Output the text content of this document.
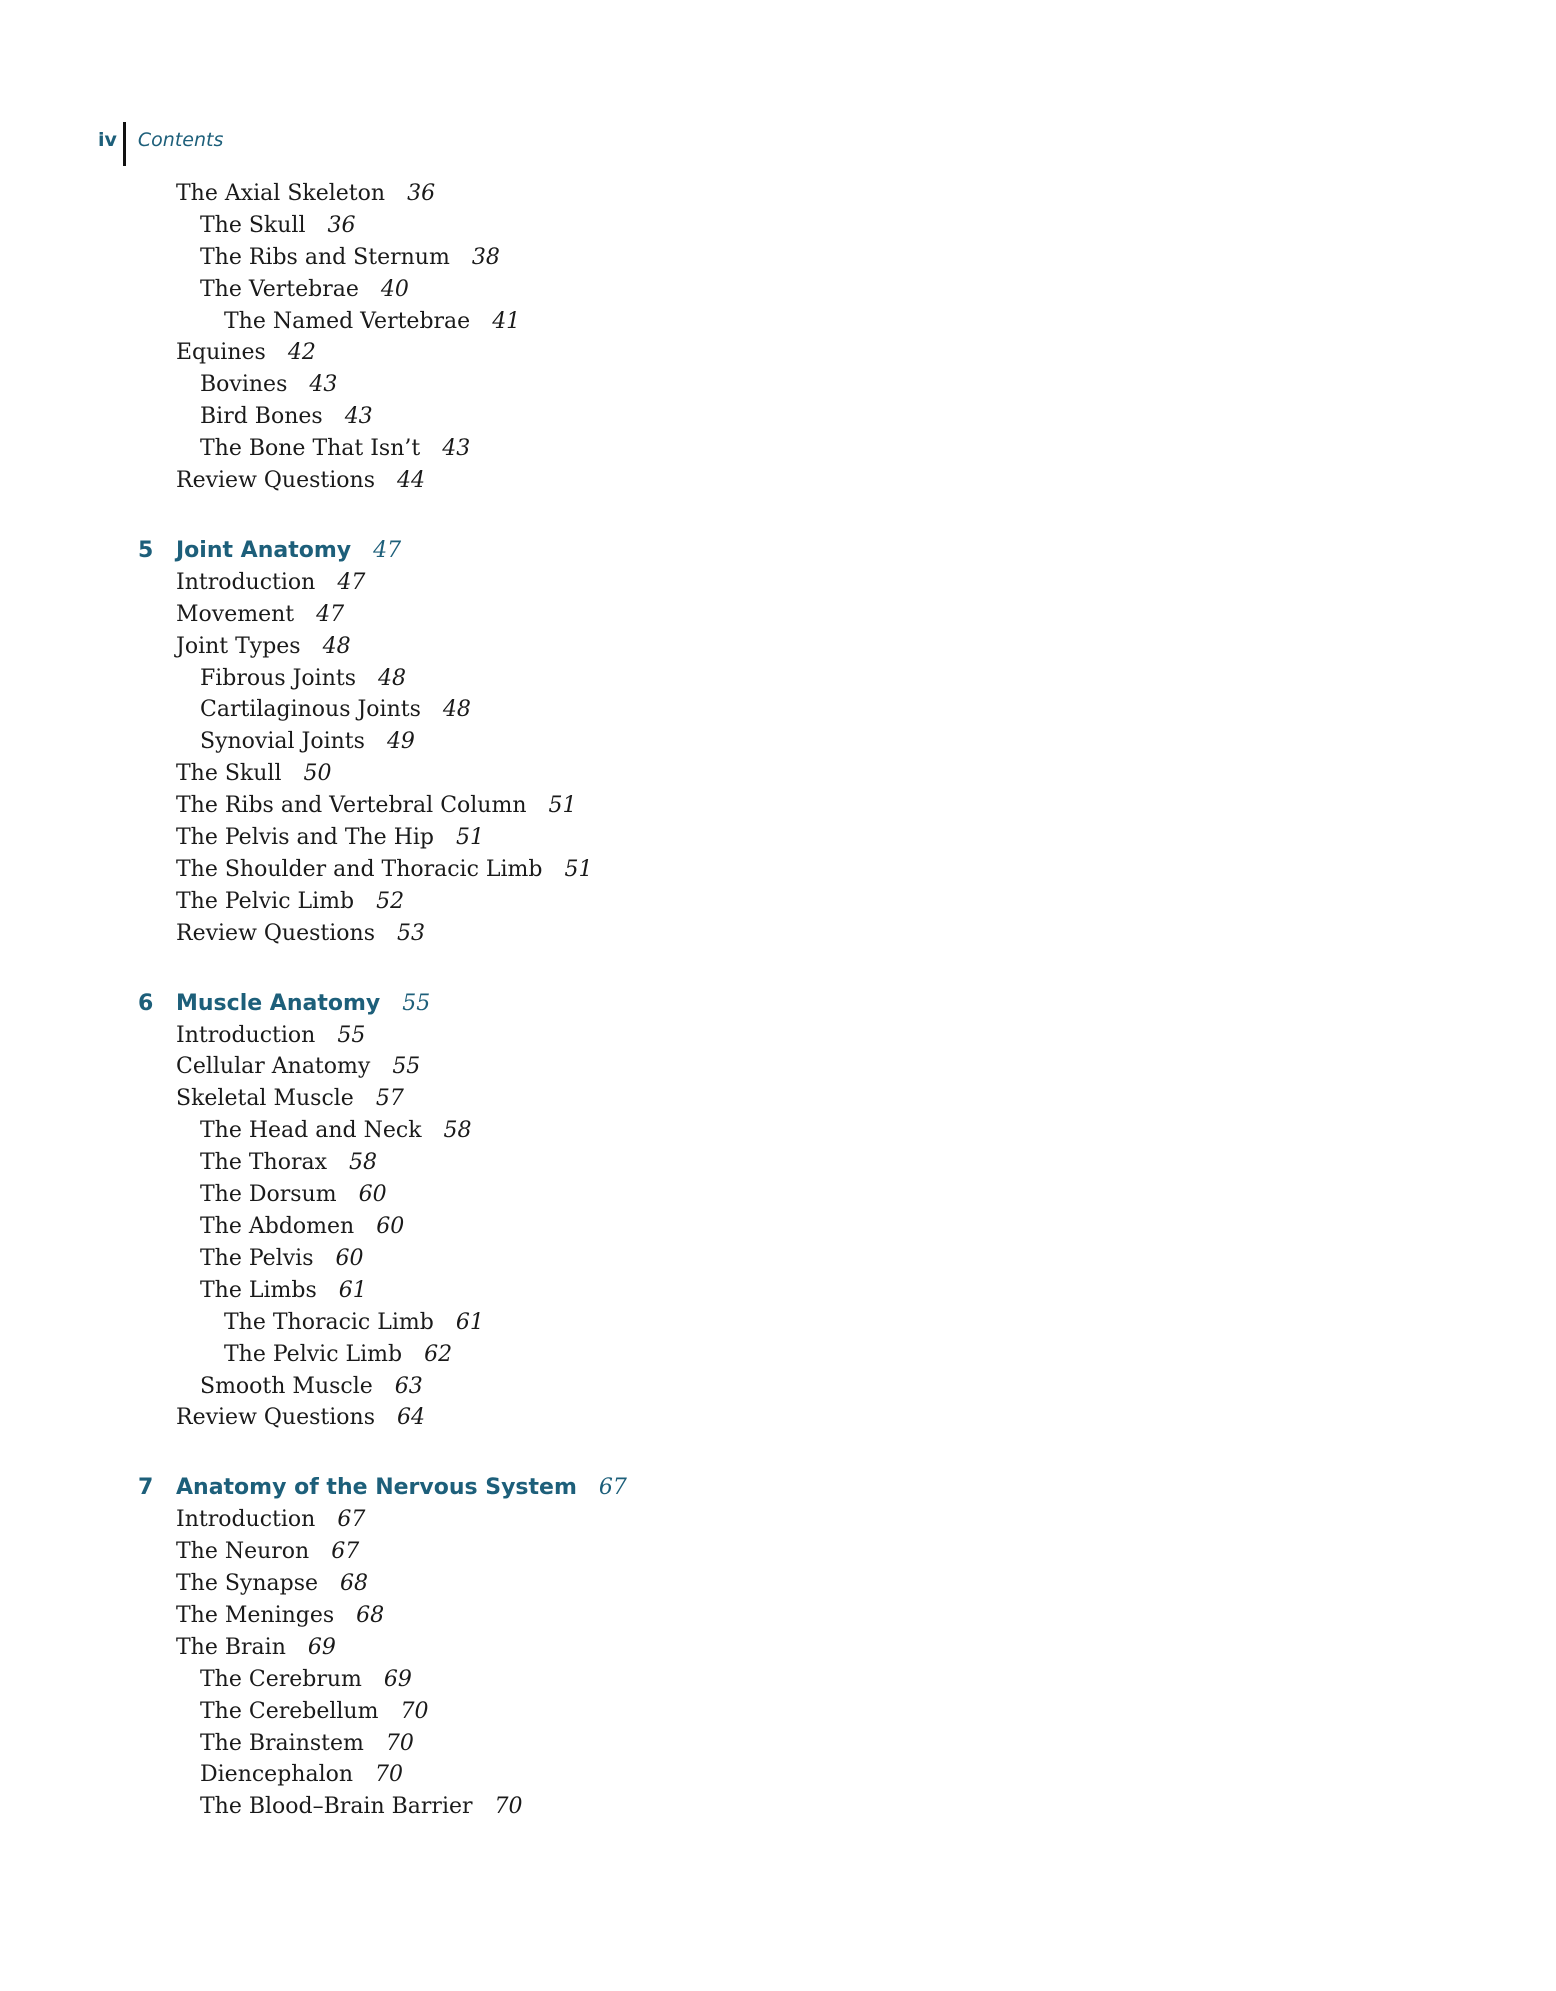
iv	Contents
The Axial Skeleton 36
The Skull 36
The Ribs and Sternum 38
The Vertebrae 40
The Named Vertebrae 41
Equines 42
Bovines 43
Bird Bones 43
The Bone That Isn’t 43
Review Questions 44
5 Joint Anatomy 47
Introduction 47
Movement 47
Joint Types 48
Fibrous Joints 48
Cartilaginous Joints 48
Synovial Joints 49
The Skull 50
The Ribs and Vertebral Column 51
The Pelvis and The Hip 51
The Shoulder and Thoracic Limb 51
The Pelvic Limb 52
Review Questions 53
6 Muscle Anatomy 55
Introduction 55
Cellular Anatomy 55
Skeletal Muscle 57
The Head and Neck 58
The Thorax 58
The Dorsum 60
The Abdomen 60
The Pelvis 60
The Limbs 61
The Thoracic Limb 61
The Pelvic Limb 62
Smooth Muscle 63
Review Questions 64
7 Anatomy of the Nervous System 67
Introduction 67
The Neuron 67
The Synapse 68
The Meninges 68
The Brain 69
The Cerebrum 69
The Cerebellum 70
The Brainstem 70
Diencephalon 70
The Blood–Brain Barrier 70
